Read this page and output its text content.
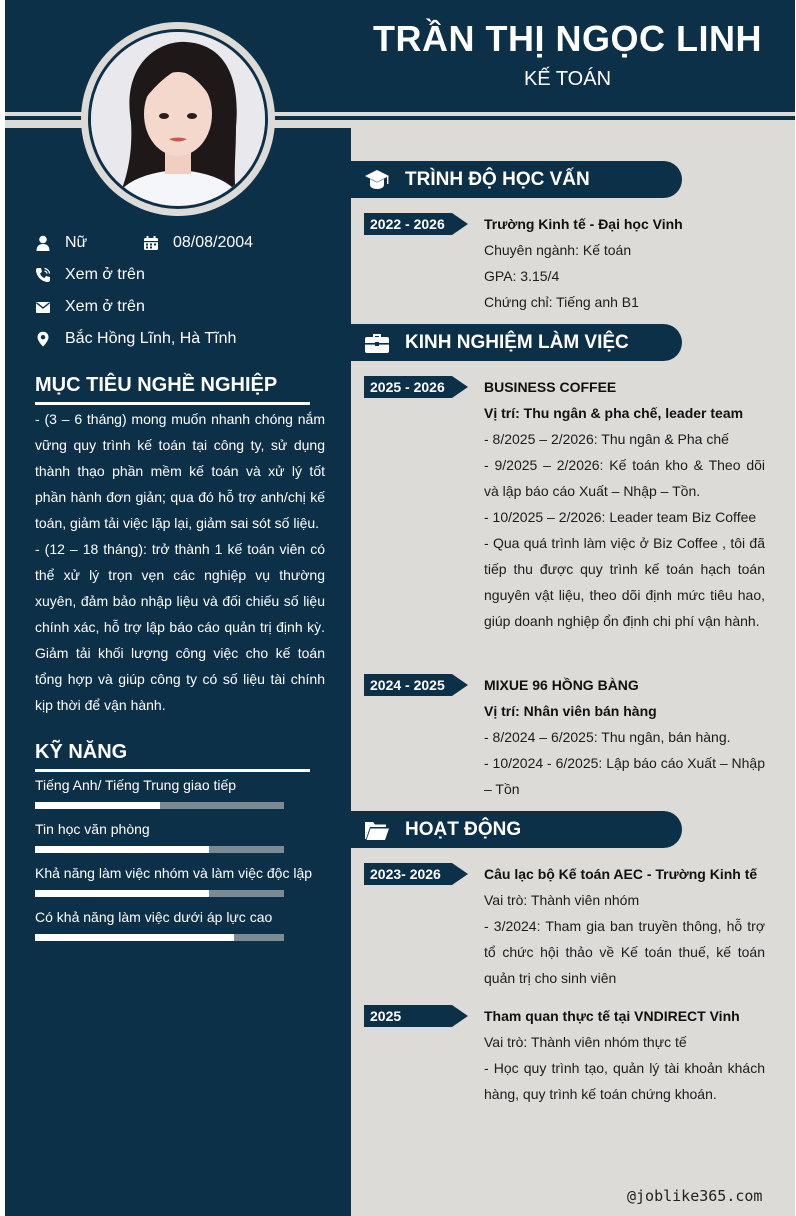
TRẦN THỊ NGỌC LINH
KẾ TOÁN
Nữ	08/08/2004
Xem ở trên
Xem ở trên
Bắc Hồng Lĩnh, Hà Tĩnh
MỤC TIÊU NGHỀ NGHIỆP

- (3 – 6 tháng) mong muốn nhanh chóng nắm vững quy trình kế toán tại công ty, sử dụng thành thạo phần mềm kế toán và xử lý tốt phần hành đơn giản; qua đó hỗ trợ anh/chị kế toán, giảm tải việc lặp lại, giảm sai sót số liệu.

- (12 – 18 tháng): trở thành 1 kế toán viên có thể xử lý trọn vẹn các nghiệp vụ thường xuyên, đảm bảo nhập liệu và đối chiếu số liệu chính xác, hỗ trợ lập báo cáo quản trị định kỳ. Giảm tải khối lượng công việc cho kế toán tổng hợp và giúp công ty có số liệu tài chính kịp thời để vận hành.

KỸ NĂNG
Tiếng Anh/ Tiếng Trung giao tiếp
Tin học văn phòng
Khả năng làm việc nhóm và làm việc độc lập
Có khả năng làm việc dưới áp lực cao
TRÌNH ĐỘ HỌC VẤN
2022 - 2026	Trường Kinh tế - Đại học Vinh
Chuyên ngành: Kế toán
GPA: 3.15/4
Chứng chỉ: Tiếng anh B1
KINH NGHIỆM LÀM VIỆC
2025 - 2026	BUSINESS COFFEE
Vị trí: Thu ngân & pha chế, leader team

- 8/2025 – 2/2026: Thu ngân & Pha chế

- 9/2025 – 2/2026: Kế toán kho & Theo dõi và lập báo cáo Xuất – Nhập – Tồn.

- 10/2025 – 2/2026: Leader team Biz Coffee

- Qua quá trình làm việc ở Biz Coffee , tôi đã tiếp thu được quy trình kế toán hạch toán nguyên vật liệu, theo dõi định mức tiêu hao, giúp doanh nghiệp ổn định chi phí vận hành.

2024 - 2025	MIXUE 96 HỒNG BÀNG
Vị trí: Nhân viên bán hàng

- 8/2024 – 6/2025: Thu ngân, bán hàng.

- 10/2024 - 6/2025: Lập báo cáo Xuất – Nhập – Tồn

HOẠT ĐỘNG
2023- 2026	Câu lạc bộ Kế toán AEC - Trường Kinh tế
Vai trò: Thành viên nhóm

- 3/2024: Tham gia ban truyền thông, hỗ trợ tổ chức hội thảo về Kế toán thuế, kế toán quản trị cho sinh viên

2025	Tham quan thực tế tại VNDIRECT Vinh
Vai trò: Thành viên nhóm thực tế

- Học quy trình tạo, quản lý tài khoản khách hàng, quy trình kế toán chứng khoán.

@joblike365.com
